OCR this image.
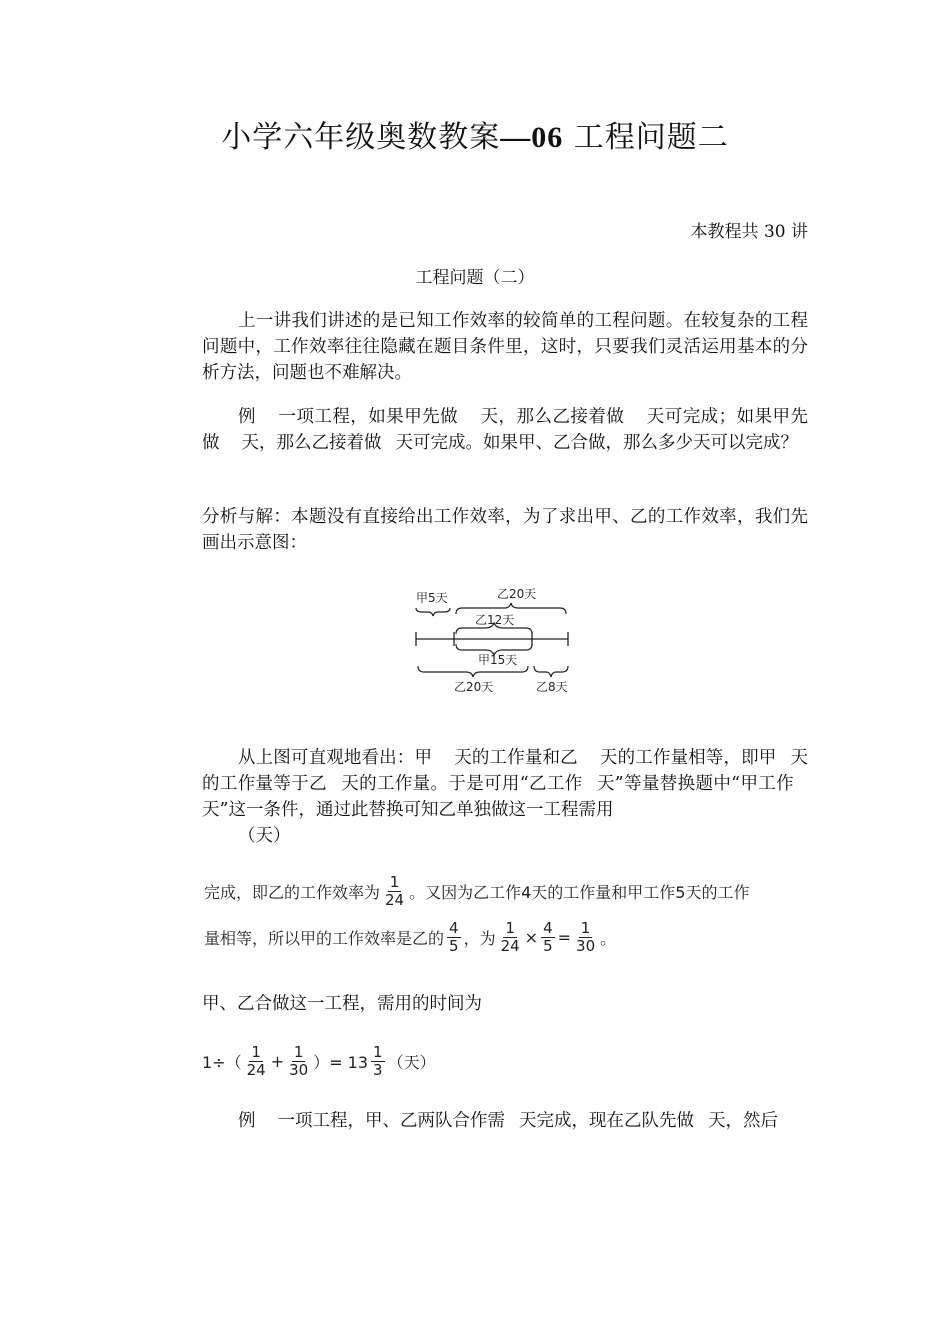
小学六年级奥数教案—06 工程问题二
本教程共 30 讲
工程问题（二）
上一讲我们讲述的是已知工作效率的较简单的工程问题。在较复杂的工程问题中，工作效率往往隐藏在题目条件里，这时，只要我们灵活运用基本的分析方法，问题也不难解决。
例 一项工程，如果甲先做 天，那么乙接着做 天可完成；如果甲先做 天，那么乙接着做 天可完成。如果甲、乙合做，那么多少天可以完成？
分析与解：本题没有直接给出工作效率，为了求出甲、乙的工作效率，我们先画出示意图：
甲5天	乙20天
乙12天
甲15天
乙20天	乙8天
从上图可直观地看出：甲 天的工作量和乙 天的工作量相等，即甲 天的工作量等于乙 天的工作量。于是可用“乙工作 天”等量替换题中“甲工作天”这一条件，通过此替换可知乙单独做这一工程需用
（天）
完成，即乙的工作效率为 $\frac{1}{24}$ 。又因为乙工作4天的工作量和甲工作5天的工作
量相等，所以甲的工作效率是乙的 $\frac{4}{5}$ ，为 $\frac{1}{24} \times \frac{4}{5} = \frac{1}{30}$ 。
甲、乙合做这一工程，需用的时间为
$1\div( \frac{1}{24} + \frac{1}{30}$ ）= $13 \frac{1}{3}$ （天）
例 一项工程，甲、乙两队合作需 天完成，现在乙队先做 天，然后
